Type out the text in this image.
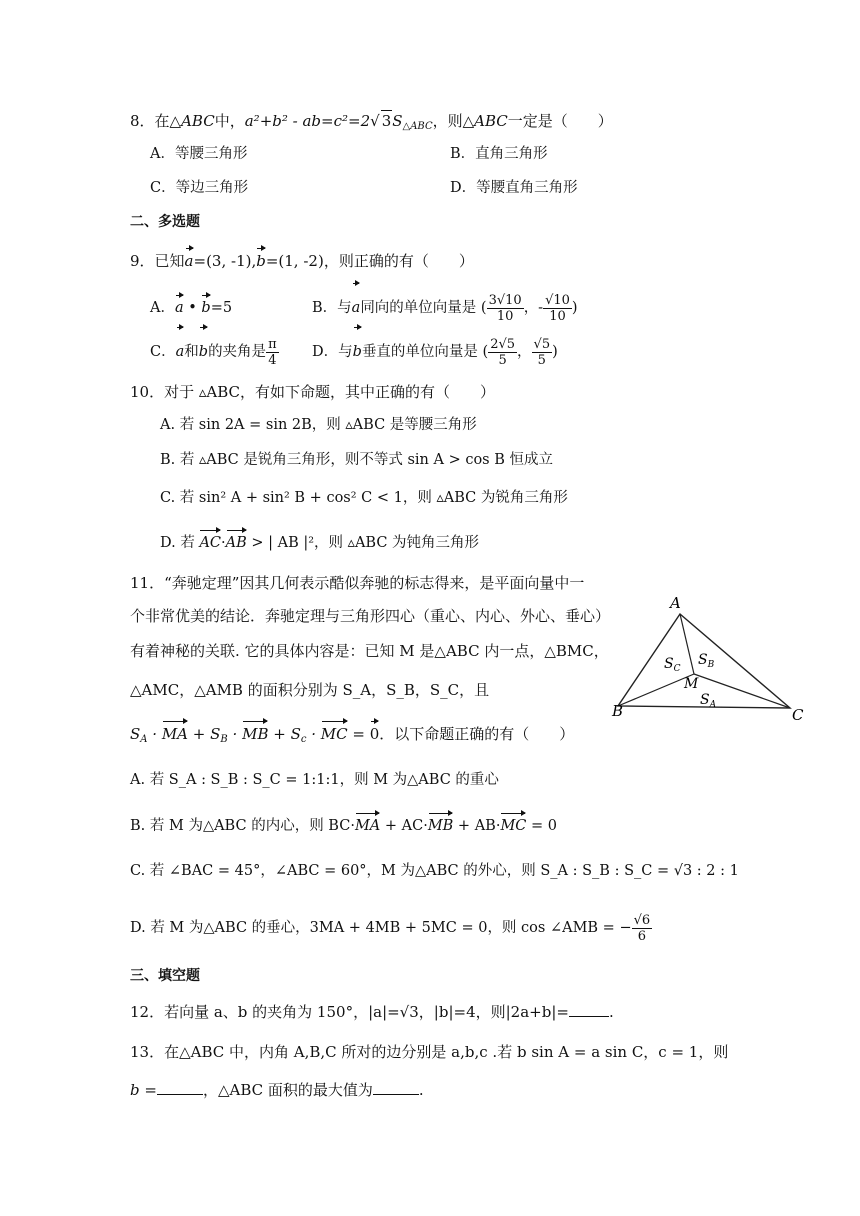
8．在△ABC中，a²+b² - ab=c²=2√ $3S_{\triangle ABC}$，则△ABC一定是（　　）
A．等腰三角形	B．直角三角形
C．等边三角形	D．等腰直角三角形
二、多选题
9．已知a=(3, -1),b=(1, -2)，则正确的有（　　）
A．a • b=5	B．与a同向的单位向量是 ( $\frac{3√10}{10}$ ，- $\frac{√10}{10}$ )
C．a和b的夹角是 $\frac{\pi}{4}$ D．与b垂直的单位向量是 ( $\frac{2√5}{5}$ ， $\frac{√5}{5}$ )
10．对于 ▵ABC，有如下命题，其中正确的有（　　）
A. 若 sin 2A = sin 2B，则 ▵ABC 是等腰三角形
B. 若 ▵ABC 是锐角三角形，则不等式 sin A > cos B 恒成立
C. 若 sin² A + sin² B + cos² C < 1，则 ▵ABC 为锐角三角形
D. 若 AC·AB > | AB |²，则 ▵ABC 为钝角三角形
11．“奔驰定理”因其几何表示酷似奔驰的标志得来，是平面向量中一
个非常优美的结论．奔驰定理与三角形四心（重心、内心、外心、垂心）
有着神秘的关联. 它的具体内容是：已知 M 是△ABC 内一点，△BMC，
△AMC，△AMB 的面积分别为 S_A，S_B，S_C，且
$S_A$ · MA + $S_B$ · MB + $S_c$ · MC = 0．以下命题正确的有（　　）
A
B	C
M
$S_C$
$S_B$
$S_A$
A. 若 S_A : S_B : S_C = 1:1:1，则 M 为△ABC 的重心
B. 若 M 为△ABC 的内心，则 BC·MA + AC·MB + AB·MC = 0
C. 若 ∠BAC = 45°，∠ABC = 60°，M 为△ABC 的外心，则 S_A : S_B : S_C = √3 : 2 : 1
D. 若 M 为△ABC 的垂心，3MA + 4MB + 5MC = 0，则 cos ∠AMB = − $\frac{√6}{6}$
三、填空题
12．若向量 a、b 的夹角为 150°，|a|=√3，|b|=4，则|2a+b|=	.
13．在△ABC 中，内角 A,B,C 所对的边分别是 a,b,c .若 b sin A = a sin C，c = 1，则
b =	，△ABC 面积的最大值为	.
